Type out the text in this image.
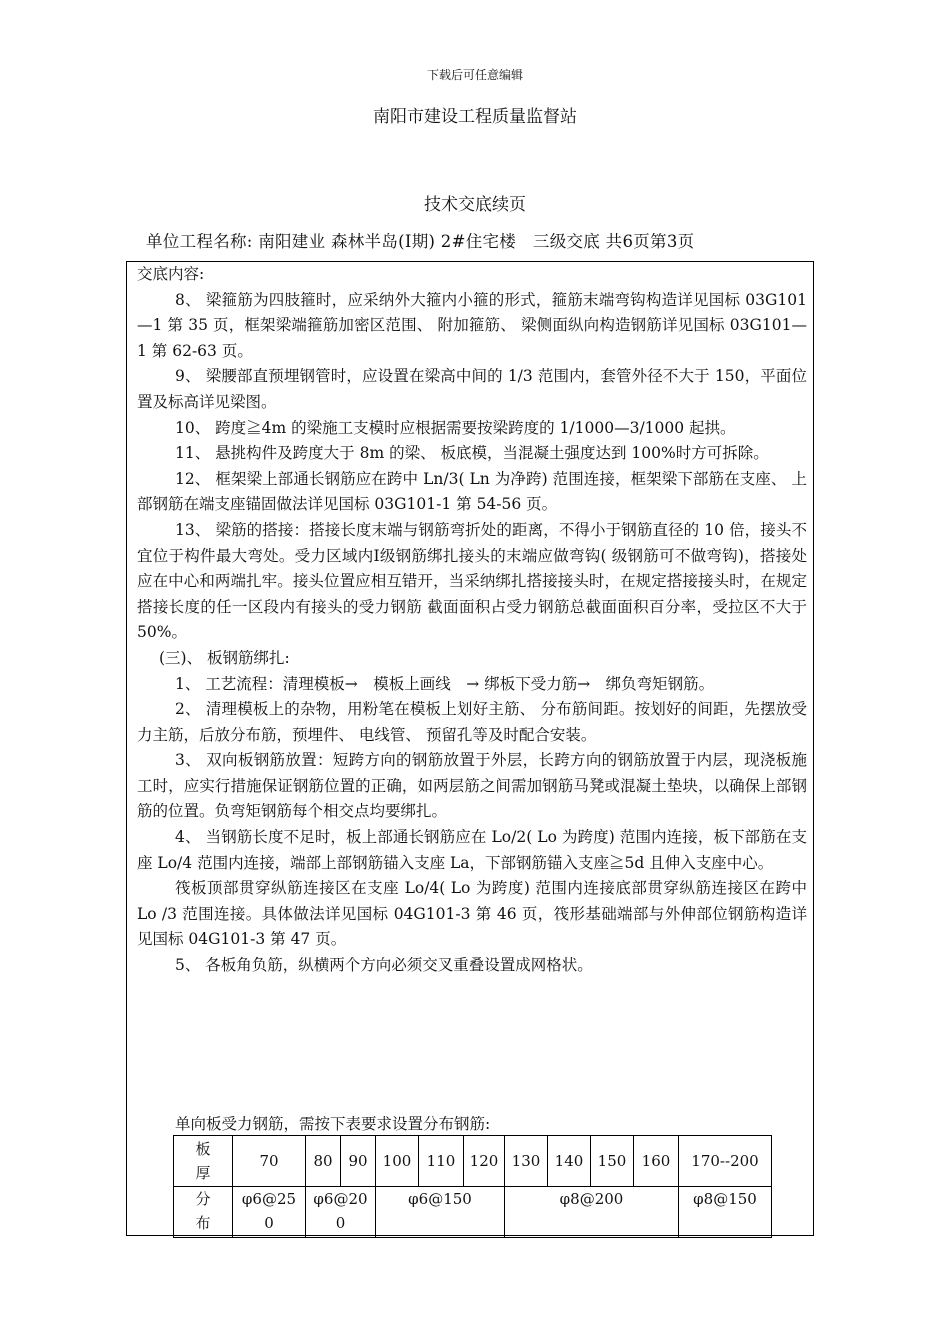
下载后可任意编辑
南阳市建设工程质量监督站
技术交底续页
单位工程名称: 南阳建业 森林半岛(Ⅰ期) 2#住宅楼　三级交底 共6页第3页

交底内容:

8、 梁箍筋为四肢箍时，应采纳外大箍内小箍的形式，箍筋末端弯钩构造详见国标 03G101—1 第 35 页，框架梁端箍筋加密区范围、 附加箍筋、 梁侧面纵向构造钢筋详见国标 03G101—1 第 62-63 页。

9、 梁腰部直预埋钢管时，应设置在梁高中间的 1/3 范围内，套管外径不大于 150，平面位置及标高详见梁图。

10、 跨度≧4m 的梁施工支模时应根据需要按梁跨度的 1/1000—3/1000 起拱。

11、 悬挑构件及跨度大于 8m 的梁、 板底模，当混凝土强度达到 100%时方可拆除。

12、 框架梁上部通长钢筋应在跨中 Ln/3( Ln 为净跨) 范围连接，框架梁下部筋在支座、 上部钢筋在端支座锚固做法详见国标 03G101-1 第 54-56 页。

13、 梁筋的搭接：搭接长度末端与钢筋弯折处的距离，不得小于钢筋直径的 10 倍，接头不宜位于构件最大弯处。受力区域内Ⅰ级钢筋绑扎接头的末端应做弯钩( 级钢筋可不做弯钩)，搭接处应在中心和两端扎牢。接头位置应相互错开，当采纳绑扎搭接接头时，在规定搭接接头时，在规定搭接长度的任一区段内有接头的受力钢筋 截面面积占受力钢筋总截面面积百分率，受拉区不大于 50%。

(三)、 板钢筋绑扎:

1、 工艺流程：清理模板→　模板上画线　→ 绑板下受力筋→　绑负弯矩钢筋。

2、 清理模板上的杂物，用粉笔在模板上划好主筋、 分布筋间距。按划好的间距，先摆放受力主筋，后放分布筋，预埋件、 电线管、 预留孔等及时配合安装。

3、 双向板钢筋放置：短跨方向的钢筋放置于外层，长跨方向的钢筋放置于内层，现浇板施工时，应实行措施保证钢筋位置的正确，如两层筋之间需加钢筋马凳或混凝土垫块，以确保上部钢筋的位置。负弯矩钢筋每个相交点均要绑扎。

4、 当钢筋长度不足时，板上部通长钢筋应在 Lo/2( Lo 为跨度) 范围内连接，板下部筋在支座 Lo/4 范围内连接，端部上部钢筋锚入支座 La，下部钢筋锚入支座≧5d 且伸入支座中心。

筏板顶部贯穿纵筋连接区在支座 Lo/4( Lo 为跨度) 范围内连接底部贯穿纵筋连接区在跨中 Lo /3 范围连接。具体做法详见国标 04G101-3 第 46 页，筏形基础端部与外伸部位钢筋构造详见国标 04G101-3 第 47 页。

5、 各板角负筋，纵横两个方向必须交叉重叠设置成网格状。

单向板受力钢筋，需按下表要求设置分布钢筋:
板厚	70	80	90	100	110	120	130	140	150	160	170--200

分布	φ6@250	φ6@200		φ6@150			φ8@200				φ8@150
